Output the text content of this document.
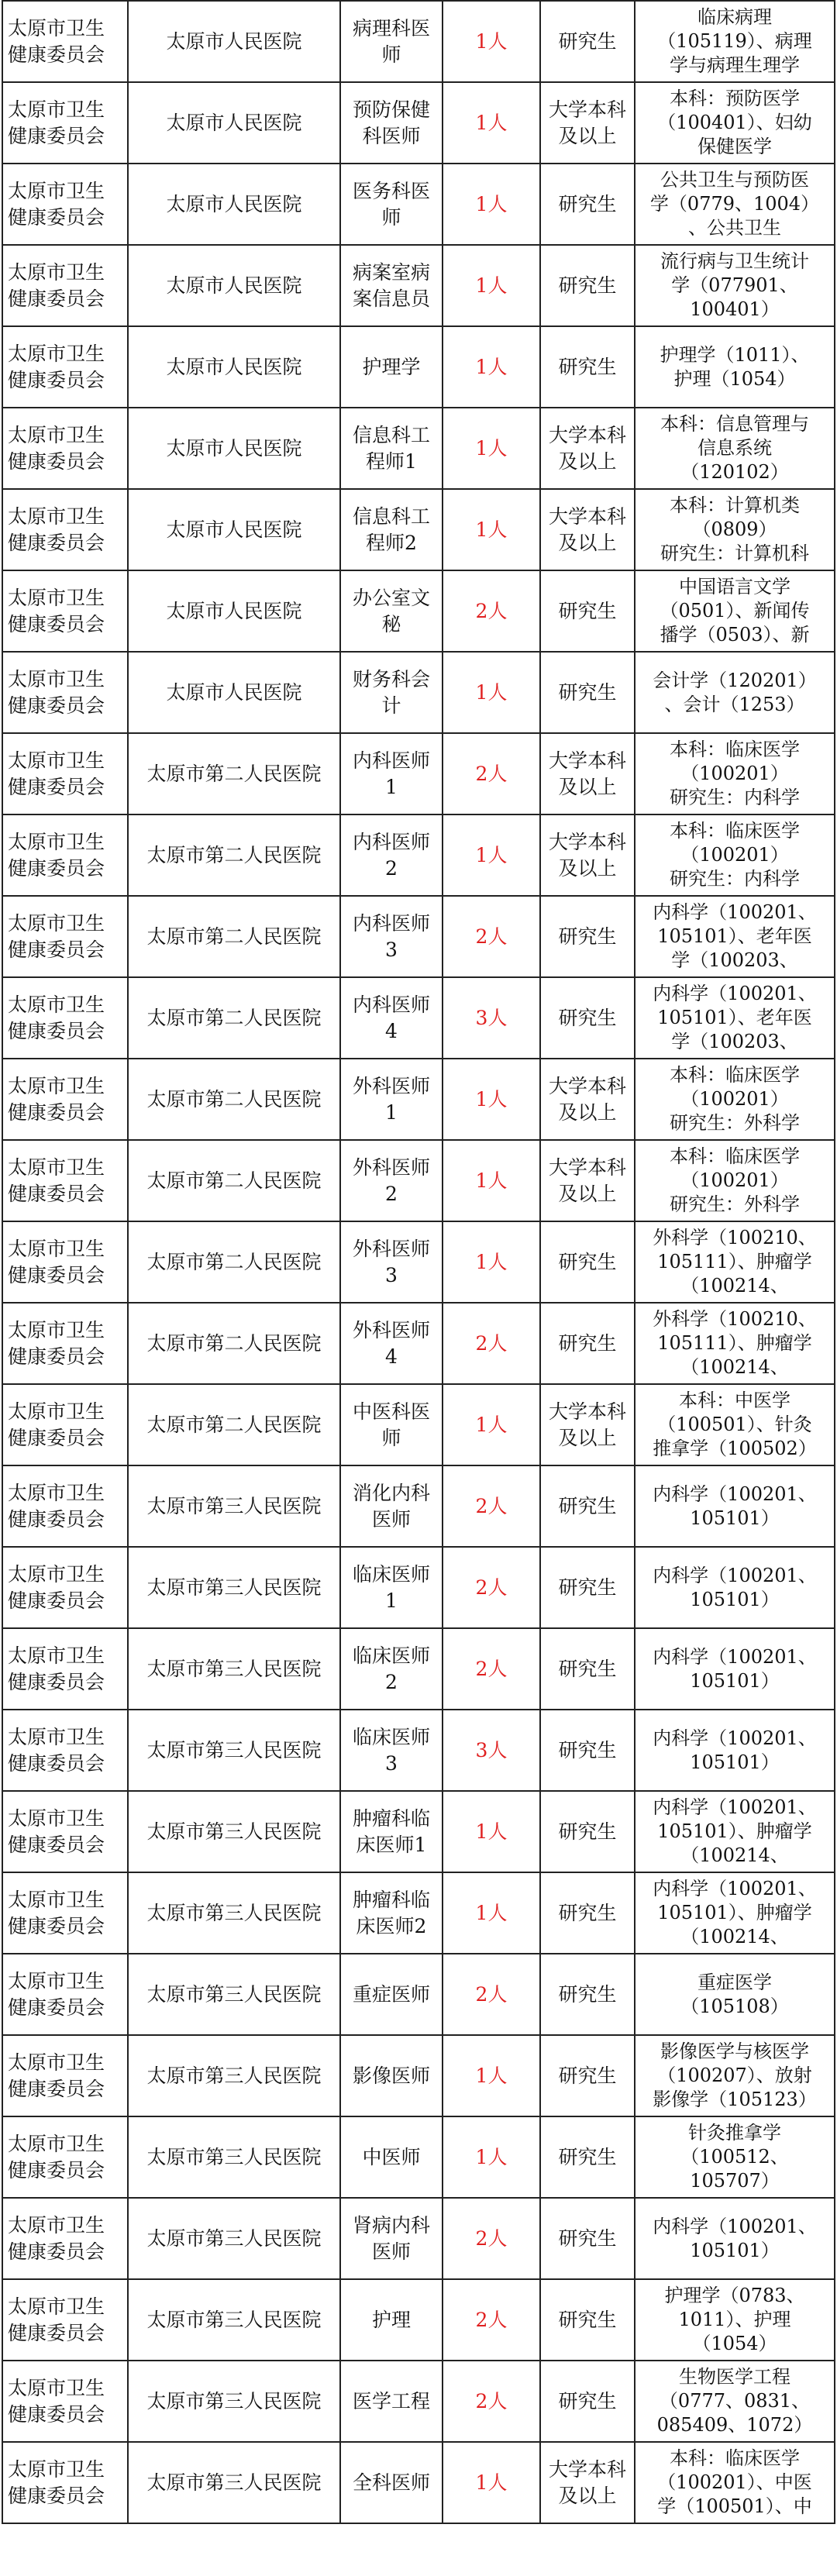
太原市卫生
健康委员会	太原市人民医院	病理科医
师	1人	研究生	临床病理
（105119）、病理
学与病理生理学

太原市卫生
健康委员会	太原市人民医院	预防保健
科医师	1人	大学本科
及以上	本科：预防医学
（100401）、妇幼
保健医学

太原市卫生
健康委员会	太原市人民医院	医务科医
师	1人	研究生	公共卫生与预防医
学（0779、1004）
、公共卫生

太原市卫生
健康委员会	太原市人民医院	病案室病
案信息员	1人	研究生	流行病与卫生统计
学（077901、
100401）

太原市卫生
健康委员会	太原市人民医院	护理学	1人	研究生	护理学（1011）、
护理（1054）

太原市卫生
健康委员会	太原市人民医院	信息科工
程师1	1人	大学本科
及以上	本科：信息管理与
信息系统
（120102）

太原市卫生
健康委员会	太原市人民医院	信息科工
程师2	1人	大学本科
及以上	本科：计算机类
（0809）
研究生：计算机科

太原市卫生
健康委员会	太原市人民医院	办公室文
秘	2人	研究生	中国语言文学
（0501）、新闻传
播学（0503）、新

太原市卫生
健康委员会	太原市人民医院	财务科会
计	1人	研究生	会计学（120201）
、会计（1253）

太原市卫生
健康委员会	太原市第二人民医院	内科医师
1	2人	大学本科
及以上	本科：临床医学
（100201）
研究生：内科学

太原市卫生
健康委员会	太原市第二人民医院	内科医师
2	1人	大学本科
及以上	本科：临床医学
（100201）
研究生：内科学

太原市卫生
健康委员会	太原市第二人民医院	内科医师
3	2人	研究生	内科学（100201、
105101）、老年医
学（100203、

太原市卫生
健康委员会	太原市第二人民医院	内科医师
4	3人	研究生	内科学（100201、
105101）、老年医
学（100203、

太原市卫生
健康委员会	太原市第二人民医院	外科医师
1	1人	大学本科
及以上	本科：临床医学
（100201）
研究生：外科学

太原市卫生
健康委员会	太原市第二人民医院	外科医师
2	1人	大学本科
及以上	本科：临床医学
（100201）
研究生：外科学

太原市卫生
健康委员会	太原市第二人民医院	外科医师
3	1人	研究生	外科学（100210、
105111）、肿瘤学
（100214、

太原市卫生
健康委员会	太原市第二人民医院	外科医师
4	2人	研究生	外科学（100210、
105111）、肿瘤学
（100214、

太原市卫生
健康委员会	太原市第二人民医院	中医科医
师	1人	大学本科
及以上	本科：中医学
（100501）、针灸
推拿学（100502）

太原市卫生
健康委员会	太原市第三人民医院	消化内科
医师	2人	研究生	内科学（100201、
105101）

太原市卫生
健康委员会	太原市第三人民医院	临床医师
1	2人	研究生	内科学（100201、
105101）

太原市卫生
健康委员会	太原市第三人民医院	临床医师
2	2人	研究生	内科学（100201、
105101）

太原市卫生
健康委员会	太原市第三人民医院	临床医师
3	3人	研究生	内科学（100201、
105101）

太原市卫生
健康委员会	太原市第三人民医院	肿瘤科临
床医师1	1人	研究生	内科学（100201、
105101）、肿瘤学
（100214、

太原市卫生
健康委员会	太原市第三人民医院	肿瘤科临
床医师2	1人	研究生	内科学（100201、
105101）、肿瘤学
（100214、

太原市卫生
健康委员会	太原市第三人民医院	重症医师	2人	研究生	重症医学
（105108）

太原市卫生
健康委员会	太原市第三人民医院	影像医师	1人	研究生	影像医学与核医学
（100207）、放射
影像学（105123）

太原市卫生
健康委员会	太原市第三人民医院	中医师	1人	研究生	针灸推拿学
（100512、
105707）

太原市卫生
健康委员会	太原市第三人民医院	肾病内科
医师	2人	研究生	内科学（100201、
105101）

太原市卫生
健康委员会	太原市第三人民医院	护理	2人	研究生	护理学（0783、
1011）、护理
（1054）

太原市卫生
健康委员会	太原市第三人民医院	医学工程	2人	研究生	生物医学工程
（0777、0831、
085409、1072）

太原市卫生
健康委员会	太原市第三人民医院	全科医师	1人	大学本科
及以上	本科：临床医学
（100201）、中医
学（100501）、中
